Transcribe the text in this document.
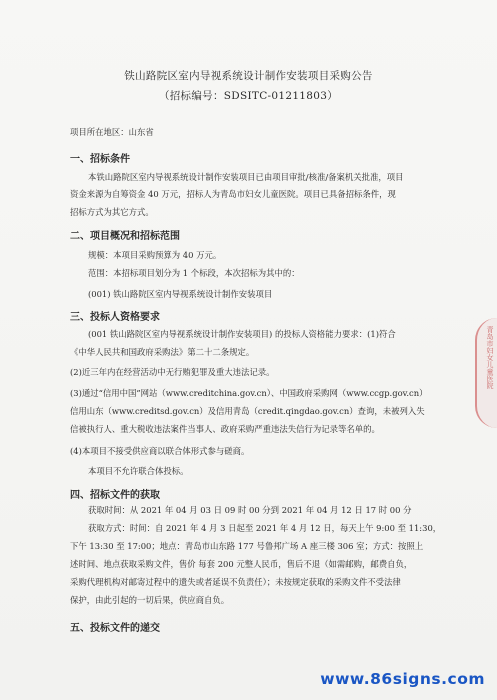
铁山路院区室内导视系统设计制作安装项目采购公告
（招标编号：SDSITC-01211803）
项目所在地区：山东省
一、招标条件
本铁山路院区室内导视系统设计制作安装项目已由项目审批/核准/备案机关批准，项目
资金来源为自筹资金 40 万元，招标人为青岛市妇女儿童医院。项目已具备招标条件，现
招标方式为其它方式。
二、项目概况和招标范围
规模：本项目采购预算为 40 万元。
范围：本招标项目划分为 1 个标段，本次招标为其中的：
(001) 铁山路院区室内导视系统设计制作安装项目
三、投标人资格要求
(001 铁山路院区室内导视系统设计制作安装项目) 的投标人资格能力要求：(1)符合
《中华人民共和国政府采购法》第二十二条规定。
(2)近三年内在经营活动中无行贿犯罪及重大违法记录。
(3)通过“信用中国”网站（www.creditchina.gov.cn）、中国政府采购网（www.ccgp.gov.cn）
信用山东（www.creditsd.gov.cn）及信用青岛（credit.qingdao.gov.cn）查询，未被列入失
信被执行人、重大税收违法案件当事人、政府采购严重违法失信行为记录等名单的。
(4)本项目不接受供应商以联合体形式参与磋商。
本项目不允许联合体投标。
四、招标文件的获取
获取时间：从 2021 年 04 月 03 日 09 时 00 分到 2021 年 04 月 12 日 17 时 00 分
获取方式：时间：自 2021 年 4 月 3 日起至 2021 年 4 月 12 日，每天上午 9:00 至 11:30，
下午 13:30 至 17:00；地点：青岛市山东路 177 号鲁邦广场 A 座三楼 306 室；方式：按照上
述时间、地点获取采购文件，售价 每套 200 元整人民币，售后不退（如需邮购，邮费自负，
采购代理机构对邮寄过程中的遗失或者延误不负责任）；未按规定获取的采购文件不受法律
保护，由此引起的一切后果，供应商自负。
五、投标文件的递交
青岛市妇女儿童医院
www.86signs.com
